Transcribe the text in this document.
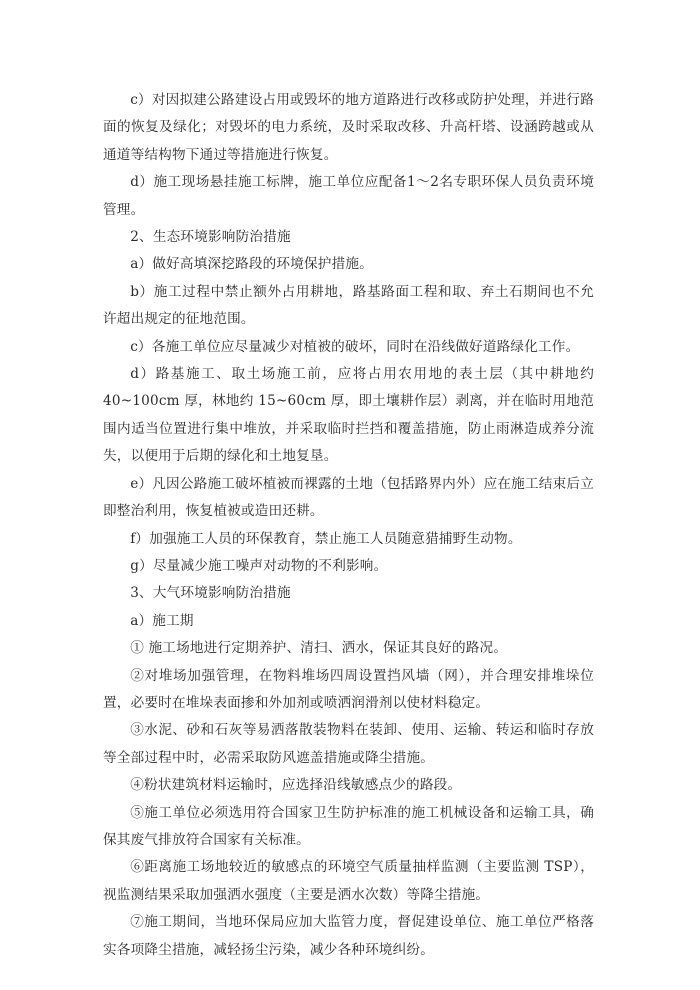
c）对因拟建公路建设占用或毁坏的地方道路进行改移或防护处理，并进行路面的恢复及绿化；对毁坏的电力系统，及时采取改移、升高杆塔、设涵跨越或从通道等结构物下通过等措施进行恢复。

d）施工现场悬挂施工标牌，施工单位应配备1～2名专职环保人员负责环境管理。

2、生态环境影响防治措施

a）做好高填深挖路段的环境保护措施。

b）施工过程中禁止额外占用耕地，路基路面工程和取、弃土石期间也不允许超出规定的征地范围。

c）各施工单位应尽量减少对植被的破坏，同时在沿线做好道路绿化工作。

d）路基施工、取土场施工前，应将占用农用地的表土层（其中耕地约 40~100cm 厚，林地约 15~60cm 厚，即土壤耕作层）剥离，并在临时用地范围内适当位置进行集中堆放，并采取临时拦挡和覆盖措施，防止雨淋造成养分流失，以便用于后期的绿化和土地复垦。

e）凡因公路施工破坏植被而裸露的土地（包括路界内外）应在施工结束后立即整治利用，恢复植被或造田还耕。

f）加强施工人员的环保教育，禁止施工人员随意猎捕野生动物。

g）尽量减少施工噪声对动物的不利影响。

3、大气环境影响防治措施

a）施工期

① 施工场地进行定期养护、清扫、洒水，保证其良好的路况。

②对堆场加强管理，在物料堆场四周设置挡风墙（网），并合理安排堆垛位置，必要时在堆垛表面掺和外加剂或喷洒润滑剂以使材料稳定。

③水泥、砂和石灰等易洒落散装物料在装卸、使用、运输、转运和临时存放等全部过程中时，必需采取防风遮盖措施或降尘措施。

④粉状建筑材料运输时，应选择沿线敏感点少的路段。

⑤施工单位必须选用符合国家卫生防护标准的施工机械设备和运输工具，确保其废气排放符合国家有关标准。

⑥距离施工场地较近的敏感点的环境空气质量抽样监测（主要监测 TSP），视监测结果采取加强洒水强度（主要是洒水次数）等降尘措施。

⑦施工期间，当地环保局应加大监管力度，督促建设单位、施工单位严格落实各项降尘措施，减轻扬尘污染，减少各种环境纠纷。
